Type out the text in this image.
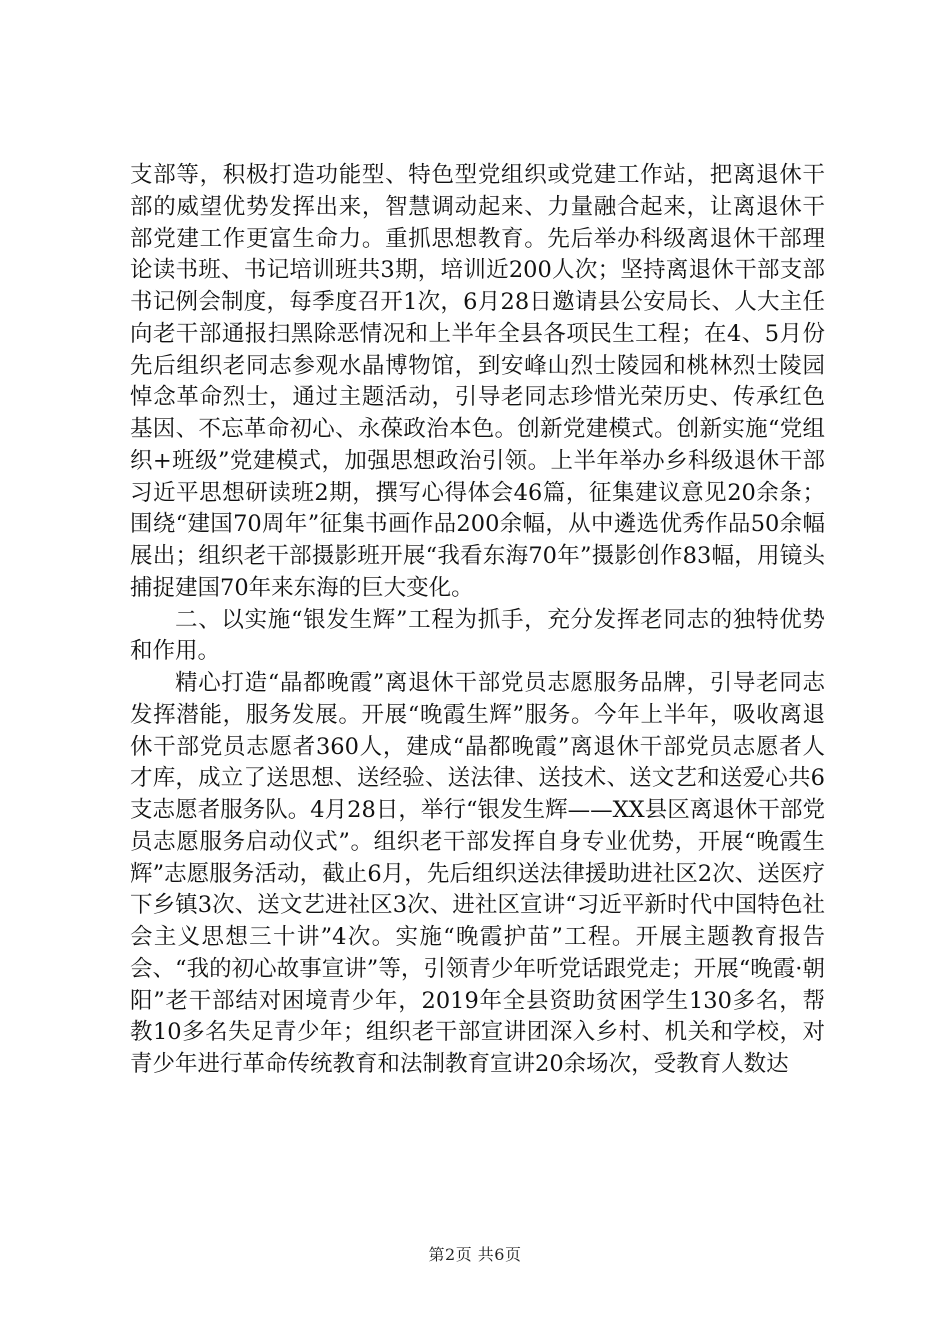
支部等，积极打造功能型、特色型党组织或党建工作站，把离退休干部的威望优势发挥出来，智慧调动起来、力量融合起来，让离退休干部党建工作更富生命力。重抓思想教育。先后举办科级离退休干部理论读书班、书记培训班共3期，培训近200人次；坚持离退休干部支部书记例会制度，每季度召开1次，6月28日邀请县公安局长、人大主任向老干部通报扫黑除恶情况和上半年全县各项民生工程；在4、5月份先后组织老同志参观水晶博物馆，到安峰山烈士陵园和桃林烈士陵园悼念革命烈士，通过主题活动，引导老同志珍惜光荣历史、传承红色基因、不忘革命初心、永葆政治本色。创新党建模式。创新实施“党组织+班级”党建模式，加强思想政治引领。上半年举办乡科级退休干部习近平思想研读班2期，撰写心得体会46篇，征集建议意见20余条；围绕“建国70周年”征集书画作品200余幅，从中遴选优秀作品50余幅展出；组织老干部摄影班开展“我看东海70年”摄影创作83幅，用镜头捕捉建国70年来东海的巨大变化。

二、以实施“银发生辉”工程为抓手，充分发挥老同志的独特优势和作用。

精心打造“晶都晚霞”离退休干部党员志愿服务品牌，引导老同志发挥潜能，服务发展。开展“晚霞生辉”服务。今年上半年，吸收离退休干部党员志愿者360人，建成“晶都晚霞”离退休干部党员志愿者人才库，成立了送思想、送经验、送法律、送技术、送文艺和送爱心共6支志愿者服务队。4月28日，举行“银发生辉——XX县区离退休干部党员志愿服务启动仪式”。组织老干部发挥自身专业优势，开展“晚霞生辉”志愿服务活动，截止6月，先后组织送法律援助进社区2次、送医疗下乡镇3次、送文艺进社区3次、进社区宣讲“习近平新时代中国特色社会主义思想三十讲”4次。实施“晚霞护苗”工程。开展主题教育报告会、“我的初心故事宣讲”等，引领青少年听党话跟党走；开展“晚霞·朝阳”老干部结对困境青少年，2019年全县资助贫困学生130多名，帮教10多名失足青少年；组织老干部宣讲团深入乡村、机关和学校，对青少年进行革命传统教育和法制教育宣讲20余场次，受教育人数达

第2页 共6页
